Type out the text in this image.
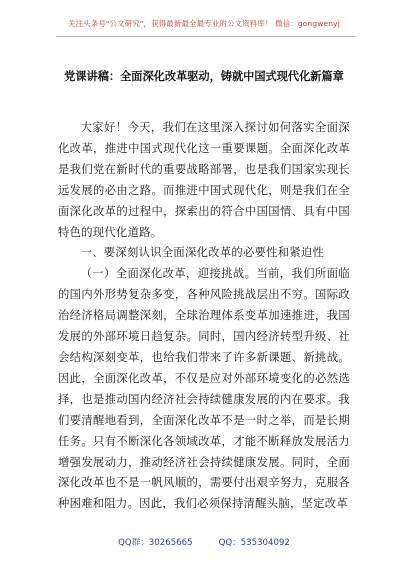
关注头条号"公文研究"，获得最新最全最专业的公文资料库！ 微信：gongwenyj
党课讲稿：全面深化改革驱动，铸就中国式现代化新篇章

大家好！今天，我们在这里深入探讨如何落实全面深化改革，推进中国式现代化这一重要课题。全面深化改革是我们党在新时代的重要战略部署，也是我们国家实现长远发展的必由之路。而推进中国式现代化，则是我们在全面深化改革的过程中，探索出的符合中国国情、具有中国特色的现代化道路。

一、要深刻认识全面深化改革的必要性和紧迫性

（一）全面深化改革，迎接挑战。当前，我们所面临的国内外形势复杂多变，各种风险挑战层出不穷。国际政治经济格局调整深刻，全球治理体系变革加速推进，我国发展的外部环境日趋复杂。同时，国内经济转型升级、社会结构深刻变革，也给我们带来了许多新课题、新挑战。因此，全面深化改革，不仅是应对外部环境变化的必然选择，也是推动国内经济社会持续健康发展的内在要求。我们要清醒地看到，全面深化改革不是一时之举，而是长期任务。只有不断深化各领域改革，才能不断释放发展活力增强发展动力，推动经济社会持续健康发展。同时，全面深化改革也不是一帆风顺的，需要付出艰辛努力，克服各种困难和阻力。因此，我们必须保持清醒头脑，坚定改革

QQ群：30265665	QQ：535304092
